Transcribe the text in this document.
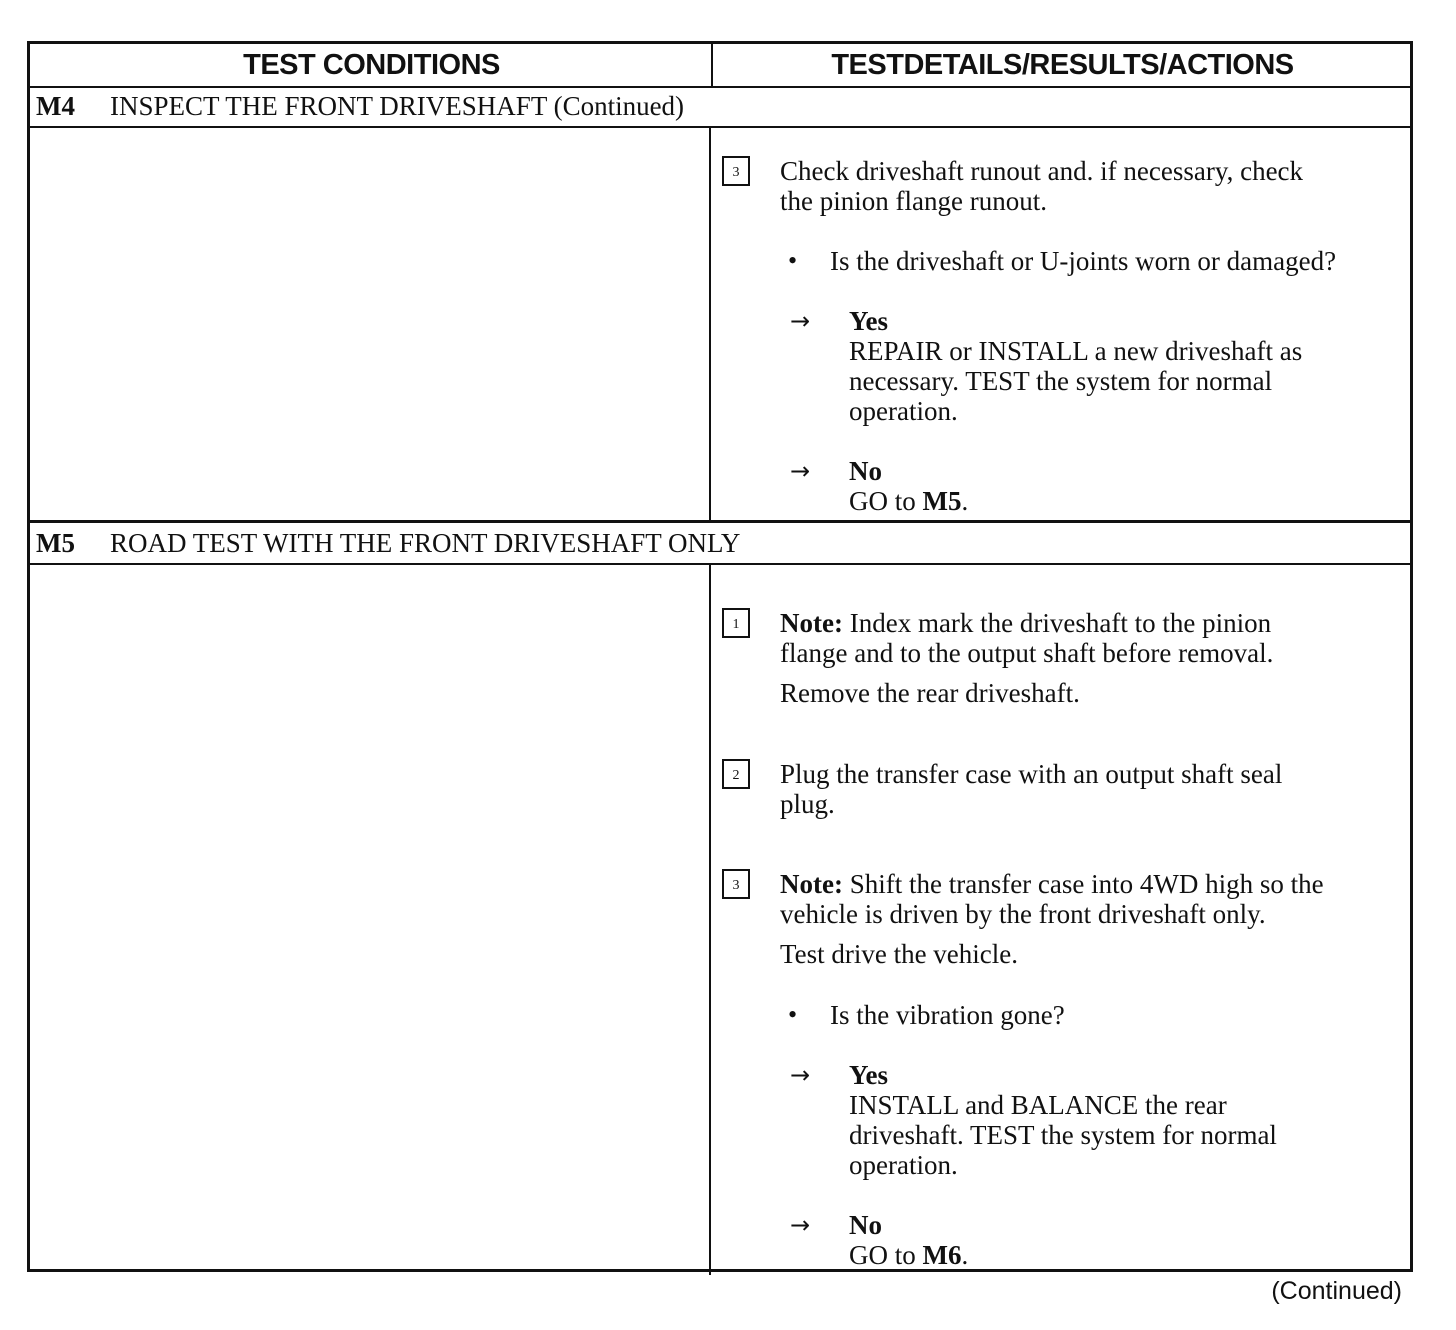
TEST CONDITIONS	TESTDETAILS/RESULTS/ACTIONS
M4 INSPECT THE FRONT DRIVESHAFT (Continued)
3	Check driveshaft runout and. if necessary, check
the pinion flange runout.
• Is the driveshaft or U-joints worn or damaged?
→ Yes
REPAIR or INSTALL a new driveshaft as
necessary. TEST the system for normal
operation.
→ No
GO to M5.
M5 ROAD TEST WITH THE FRONT DRIVESHAFT ONLY
1	Note: Index mark the driveshaft to the pinion
flange and to the output shaft before removal.
Remove the rear driveshaft.
2	Plug the transfer case with an output shaft seal
plug.
3	Note: Shift the transfer case into 4WD high so the
vehicle is driven by the front driveshaft only.
Test drive the vehicle.
• Is the vibration gone?
→ Yes
INSTALL and BALANCE the rear
driveshaft. TEST the system for normal
operation.
→ No
GO to M6.
(Continued)
